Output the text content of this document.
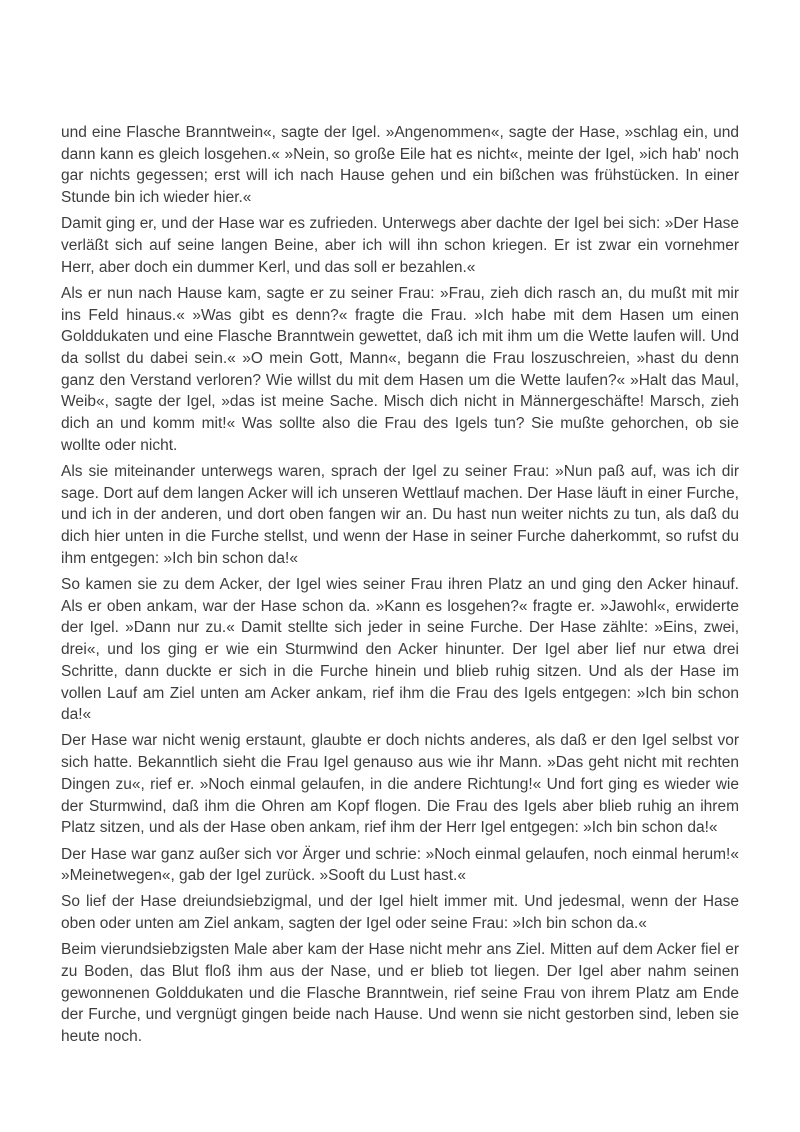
und eine Flasche Branntwein«, sagte der Igel. »Angenommen«, sagte der Hase, »schlag ein, und dann kann es gleich losgehen.« »Nein, so große Eile hat es nicht«, meinte der Igel, »ich hab' noch gar nichts gegessen; erst will ich nach Hause gehen und ein bißchen was frühstücken. In einer Stunde bin ich wieder hier.«

Damit ging er, und der Hase war es zufrieden. Unterwegs aber dachte der Igel bei sich: »Der Hase verläßt sich auf seine langen Beine, aber ich will ihn schon kriegen. Er ist zwar ein vornehmer Herr, aber doch ein dummer Kerl, und das soll er bezahlen.«

Als er nun nach Hause kam, sagte er zu seiner Frau: »Frau, zieh dich rasch an, du mußt mit mir ins Feld hinaus.« »Was gibt es denn?« fragte die Frau. »Ich habe mit dem Hasen um einen Golddukaten und eine Flasche Branntwein gewettet, daß ich mit ihm um die Wette laufen will. Und da sollst du dabei sein.« »O mein Gott, Mann«, begann die Frau loszuschreien, »hast du denn ganz den Verstand verloren? Wie willst du mit dem Hasen um die Wette laufen?« »Halt das Maul, Weib«, sagte der Igel, »das ist meine Sache. Misch dich nicht in Männergeschäfte! Marsch, zieh dich an und komm mit!« Was sollte also die Frau des Igels tun? Sie mußte gehorchen, ob sie wollte oder nicht.

Als sie miteinander unterwegs waren, sprach der Igel zu seiner Frau: »Nun paß auf, was ich dir sage. Dort auf dem langen Acker will ich unseren Wettlauf machen. Der Hase läuft in einer Furche, und ich in der anderen, und dort oben fangen wir an. Du hast nun weiter nichts zu tun, als daß du dich hier unten in die Furche stellst, und wenn der Hase in seiner Furche daherkommt, so rufst du ihm entgegen: »Ich bin schon da!«

So kamen sie zu dem Acker, der Igel wies seiner Frau ihren Platz an und ging den Acker hinauf. Als er oben ankam, war der Hase schon da. »Kann es losgehen?« fragte er. »Jawohl«, erwiderte der Igel. »Dann nur zu.« Damit stellte sich jeder in seine Furche. Der Hase zählte: »Eins, zwei, drei«, und los ging er wie ein Sturmwind den Acker hinunter. Der Igel aber lief nur etwa drei Schritte, dann duckte er sich in die Furche hinein und blieb ruhig sitzen. Und als der Hase im vollen Lauf am Ziel unten am Acker ankam, rief ihm die Frau des Igels entgegen: »Ich bin schon da!«

Der Hase war nicht wenig erstaunt, glaubte er doch nichts anderes, als daß er den Igel selbst vor sich hatte. Bekanntlich sieht die Frau Igel genauso aus wie ihr Mann. »Das geht nicht mit rechten Dingen zu«, rief er. »Noch einmal gelaufen, in die andere Richtung!« Und fort ging es wieder wie der Sturmwind, daß ihm die Ohren am Kopf flogen. Die Frau des Igels aber blieb ruhig an ihrem Platz sitzen, und als der Hase oben ankam, rief ihm der Herr Igel entgegen: »Ich bin schon da!«

Der Hase war ganz außer sich vor Ärger und schrie: »Noch einmal gelaufen, noch einmal herum!« »Meinetwegen«, gab der Igel zurück. »Sooft du Lust hast.«

So lief der Hase dreiundsiebzigmal, und der Igel hielt immer mit. Und jedesmal, wenn der Hase oben oder unten am Ziel ankam, sagten der Igel oder seine Frau: »Ich bin schon da.«

Beim vierundsiebzigsten Male aber kam der Hase nicht mehr ans Ziel. Mitten auf dem Acker fiel er zu Boden, das Blut floß ihm aus der Nase, und er blieb tot liegen. Der Igel aber nahm seinen gewonnenen Golddukaten und die Flasche Branntwein, rief seine Frau von ihrem Platz am Ende der Furche, und vergnügt gingen beide nach Hause. Und wenn sie nicht gestorben sind, leben sie heute noch.
